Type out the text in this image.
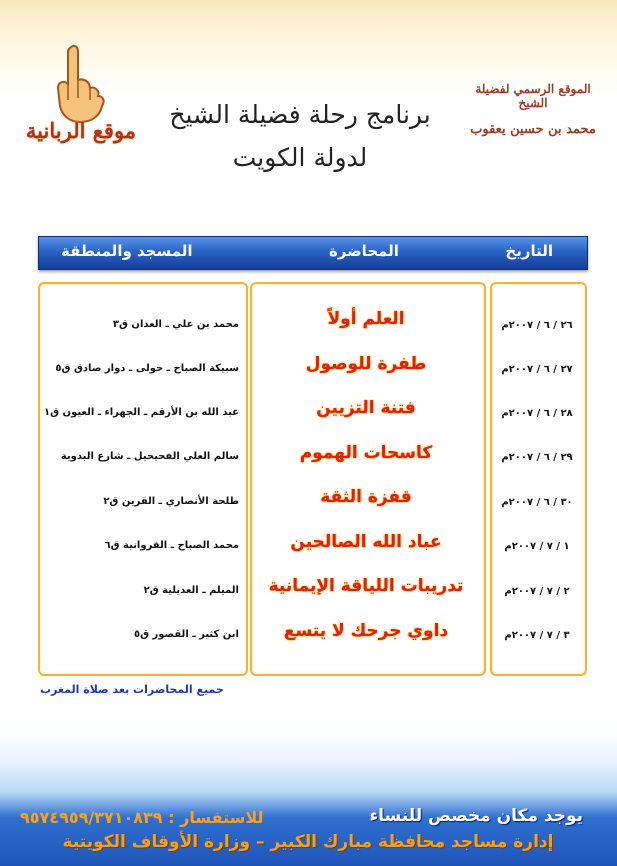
موقع الربانية
الموقع الرسمي لفضيلة الشيخ
محمد بن حسين يعقوب
برنامج رحلة فضيلة الشيخ
لدولة الكويت
التاريخ
المحاضرة
المسجد والمنطقة
٢٦ / ٦ / ٢٠٠٧م
العلم أولاً
محمد بن علي ـ العدان ق٣
٢٧ / ٦ / ٢٠٠٧م
طفرة للوصول
سبيكة الصباح ـ حولى ـ دوار صادق ق٥
٢٨ / ٦ / ٢٠٠٧م
فتنة التزيين
عبد الله بن الأرقم ـ الجهراء ـ العيون ق١
٢٩ / ٦ / ٢٠٠٧م
كاسحات الهموم
سالم العلي الفحيحيل ـ شارع البدوية
٣٠ / ٦ / ٢٠٠٧م
قفزة الثقة
طلحة الأنصاري ـ القرين ق٢
١ / ٧ / ٢٠٠٧م
عباد الله الصالحين
محمد الصباح ـ الفروانية ق٦
٢ / ٧ / ٢٠٠٧م
تدريبات اللياقة الإيمانية
الميلم ـ العديلية ق٢
٣ / ٧ / ٢٠٠٧م
داوي جرحك لا يتسع
ابن كثير ـ القصور ق٥
جميع المحاضرات بعد صلاة المغرب
يوجد مكان مخصص للنساء
للاستفسار : ٩٥٧٤٩٥٩/٣٧١٠٨٣٩
إدارة مساجد محافظة مبارك الكبير – وزارة الأوقاف الكويتية
